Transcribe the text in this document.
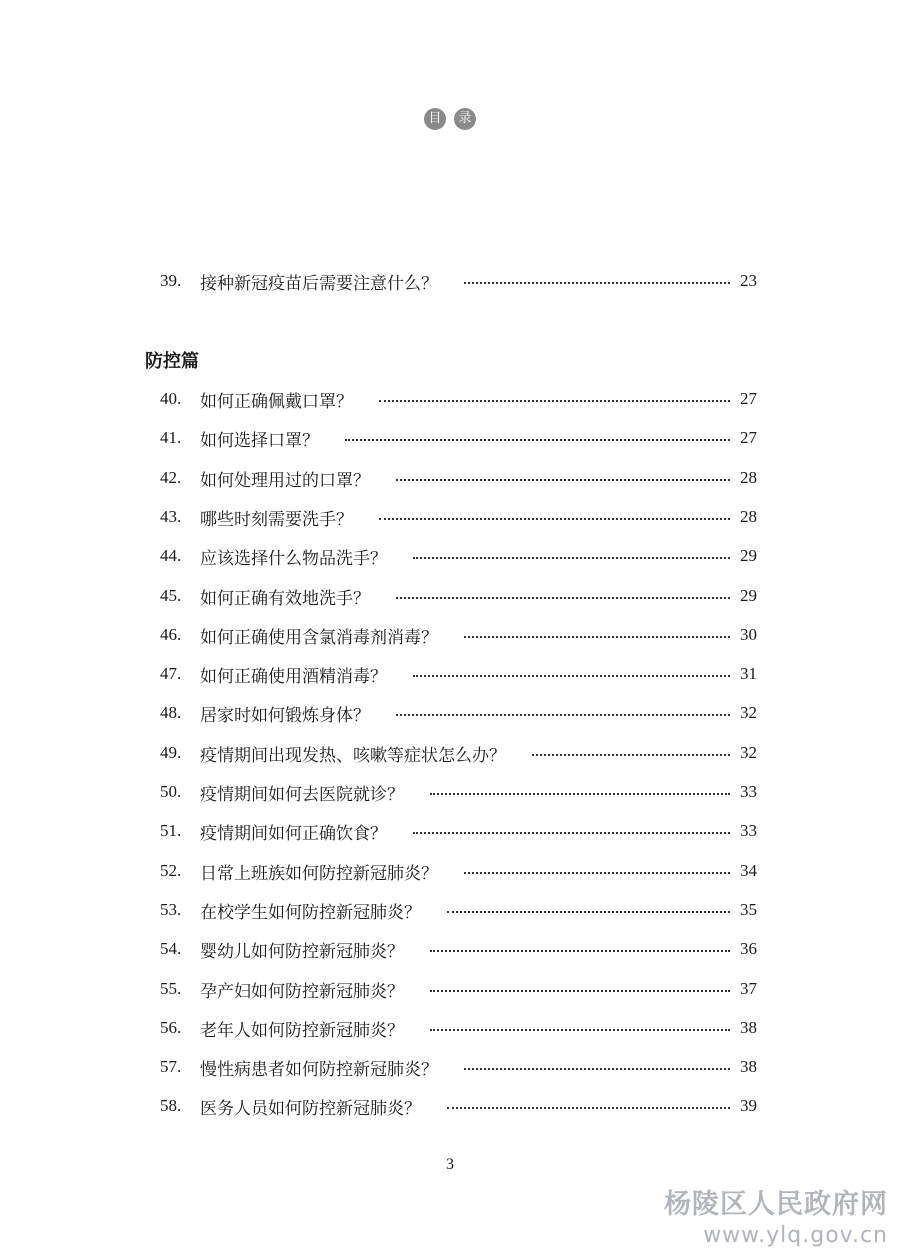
目	录
39.	接种新冠疫苗后需要注意什么？	23
防控篇
40.	如何正确佩戴口罩？	27
41.	如何选择口罩？	27
42.	如何处理用过的口罩？	28
43.	哪些时刻需要洗手？	28
44.	应该选择什么物品洗手？	29
45.	如何正确有效地洗手？	29
46.	如何正确使用含氯消毒剂消毒？	30
47.	如何正确使用酒精消毒？	31
48.	居家时如何锻炼身体？	32
49.	疫情期间出现发热、咳嗽等症状怎么办？	32
50.	疫情期间如何去医院就诊？	33
51.	疫情期间如何正确饮食？	33
52.	日常上班族如何防控新冠肺炎？	34
53.	在校学生如何防控新冠肺炎？	35
54.	婴幼儿如何防控新冠肺炎？	36
55.	孕产妇如何防控新冠肺炎？	37
56.	老年人如何防控新冠肺炎？	38
57.	慢性病患者如何防控新冠肺炎？	38
58.	医务人员如何防控新冠肺炎？	39
3
杨陵区人民政府网
www.ylq.gov.cn
